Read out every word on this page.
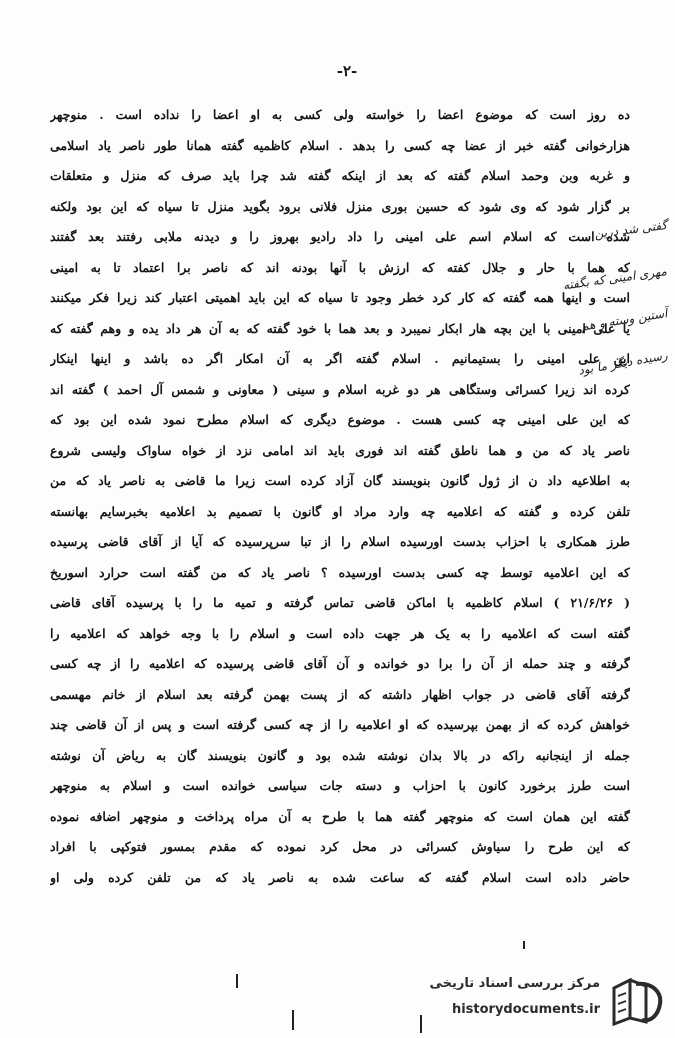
-۲-
ده روز است که موضوع اعضا را خواسته ولی کسی به او اعضا را نداده است . منوچهر
هزارخوانی گفته خبر از عضا چه کسی را بدهد . اسلام کاظمیه گفته همانا طور ناصر یاد اسلامی
و غربه وبن وحمد اسلام گفته که بعد از اینکه گفته شد چرا باید صرف که منزل و متعلقات
بر گزار شود که وی شود که حسین بوری منزل فلانی برود بگوید منزل تا سیاه که این بود ولکنه
شده است که اسلام اسم علی امینی را داد رادیو بهروز را و دیدنه ملابی رفتند بعد گفتند
که هما با حار و جلال کفته که ارزش با آنها بودنه اند که ناصر برا اعتماد تا به امینی
است و اینها همه گفته که کار کرد خطر وجود تا سیاه که این باید اهمیتی اعتبار کند زیرا فکر میکنند
یا علی امینی با این بچه هار ابکار نمیبرد و بعد هما با خود گفته که به آن هر داد یده و وهم گفته که
این علی امینی را بستیمانیم . اسلام گفته اگر به آن امکار اگر ده باشد و اینها اینکار
کرده اند زیرا کسرائی وستگاهی هر دو غربه اسلام و سینی ( معاونی و شمس آل احمد ) گفته اند
که این علی امینی چه کسی هست . موضوع دیگری که اسلام مطرح نمود شده این بود که
ناصر یاد که من و هما ناطق گفته اند فوری باید اند امامی نزد از خواه ساواک ولیسی شروع
به اطلاعیه داد ن از ژول گانون بنویسند گان آزاد کرده است زیرا ما قاضی به ناصر یاد که من
تلفن کرده و گفته که اعلامیه چه وارد مراد او گانون با تصمیم بد اعلامیه بخبرسایم بهانسته
طرز همکاری با احزاب بدست اورسیده اسلام را از تبا سرپرسیده که آیا از آقای قاضی پرسیده
که این اعلامیه توسط چه کسی بدست اورسیده ؟ ناصر یاد که من گفته است حرارد اسوریخ
( ۲۱/۶/۲۶ ) اسلام کاظمیه با اماکن قاضی تماس گرفته و تمیه ما را با پرسیده آقای قاضی
گفته است که اعلامیه را به یک هر جهت داده است و اسلام را با وجه خواهد که اعلامیه را
گرفته و چند حمله از آن را برا دو خوانده و آن آقای قاضی پرسیده که اعلامیه را از چه کسی
گرفته آقای قاضی در جواب اظهار داشته که از پست بهمن گرفته بعد اسلام از خانم مهسمی
خواهش کرده که از بهمن بپرسیده که او اعلامیه را از چه کسی گرفته است و پس از آن قاضی چند
جمله از اینجانبه راکه در بالا بدان نوشته شده بود و گانون بنویسند گان به ریاض آن نوشته
است طرز برخورد کانون با احزاب و دسته جات سیاسی خوانده است و اسلام به منوچهر
گفته این همان است که منوچهر گفته هما با طرح به آن مراه پرداخت و منوچهر اضافه نموده
که این طرح را سیاوش کسرائی در محل کرد نموده که مقدم بمسور فتوکپی با افراد
حاضر داده است اسلام گفته که ساعت شده به ناصر یاد که من تلفن کرده ولی او
گفتی شد درین
مهری امینی که بگفته
آستین وسته و هم
رسیده دیگر ما بود
مرکز بررسی اسناد تاریخی
historydocuments.ir
